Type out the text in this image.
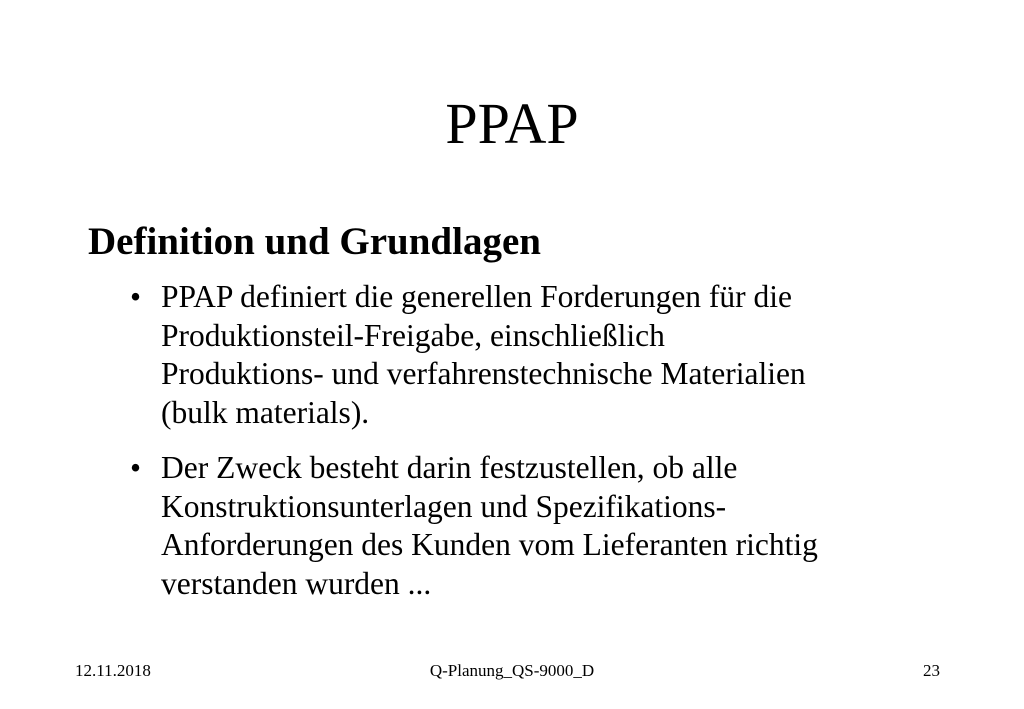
PPAP
Definition und Grundlagen
• PPAP definiert die generellen Forderungen für die
Produktionsteil-Freigabe, einschließlich
Produktions- und verfahrenstechnische Materialien
(bulk materials).
• Der Zweck besteht darin festzustellen, ob alle
Konstruktionsunterlagen und Spezifikations-
Anforderungen des Kunden vom Lieferanten richtig
verstanden wurden ...
12.11.2018	Q-Planung_QS-9000_D	23
